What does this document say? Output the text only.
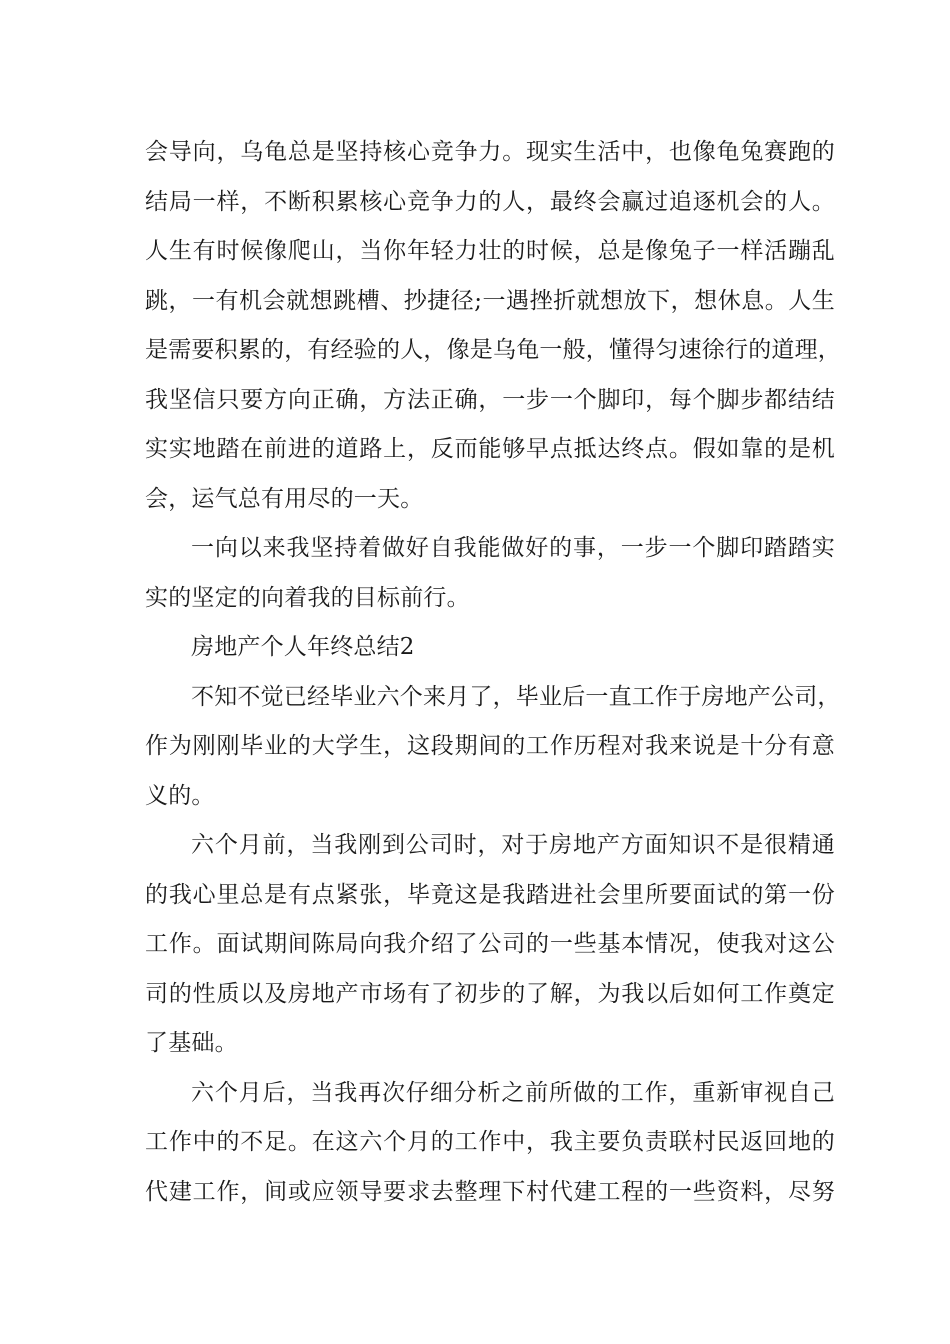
会导向，乌龟总是坚持核心竞争力。现实生活中，也像龟兔赛跑的
结局一样，不断积累核心竞争力的人，最终会赢过追逐机会的人。
人生有时候像爬山，当你年轻力壮的时候，总是像兔子一样活蹦乱
跳，一有机会就想跳槽、抄捷径;一遇挫折就想放下，想休息。人生
是需要积累的，有经验的人，像是乌龟一般，懂得匀速徐行的道理，
我坚信只要方向正确，方法正确，一步一个脚印，每个脚步都结结
实实地踏在前进的道路上，反而能够早点抵达终点。假如靠的是机
会，运气总有用尽的一天。
一向以来我坚持着做好自我能做好的事，一步一个脚印踏踏实
实的坚定的向着我的目标前行。
房地产个人年终总结2
不知不觉已经毕业六个来月了，毕业后一直工作于房地产公司，
作为刚刚毕业的大学生，这段期间的工作历程对我来说是十分有意
义的。
六个月前，当我刚到公司时，对于房地产方面知识不是很精通
的我心里总是有点紧张，毕竟这是我踏进社会里所要面试的第一份
工作。面试期间陈局向我介绍了公司的一些基本情况，使我对这公
司的性质以及房地产市场有了初步的了解，为我以后如何工作奠定
了基础。
六个月后，当我再次仔细分析之前所做的工作，重新审视自己
工作中的不足。在这六个月的工作中，我主要负责联村民返回地的
代建工作，间或应领导要求去整理下村代建工程的一些资料，尽努
